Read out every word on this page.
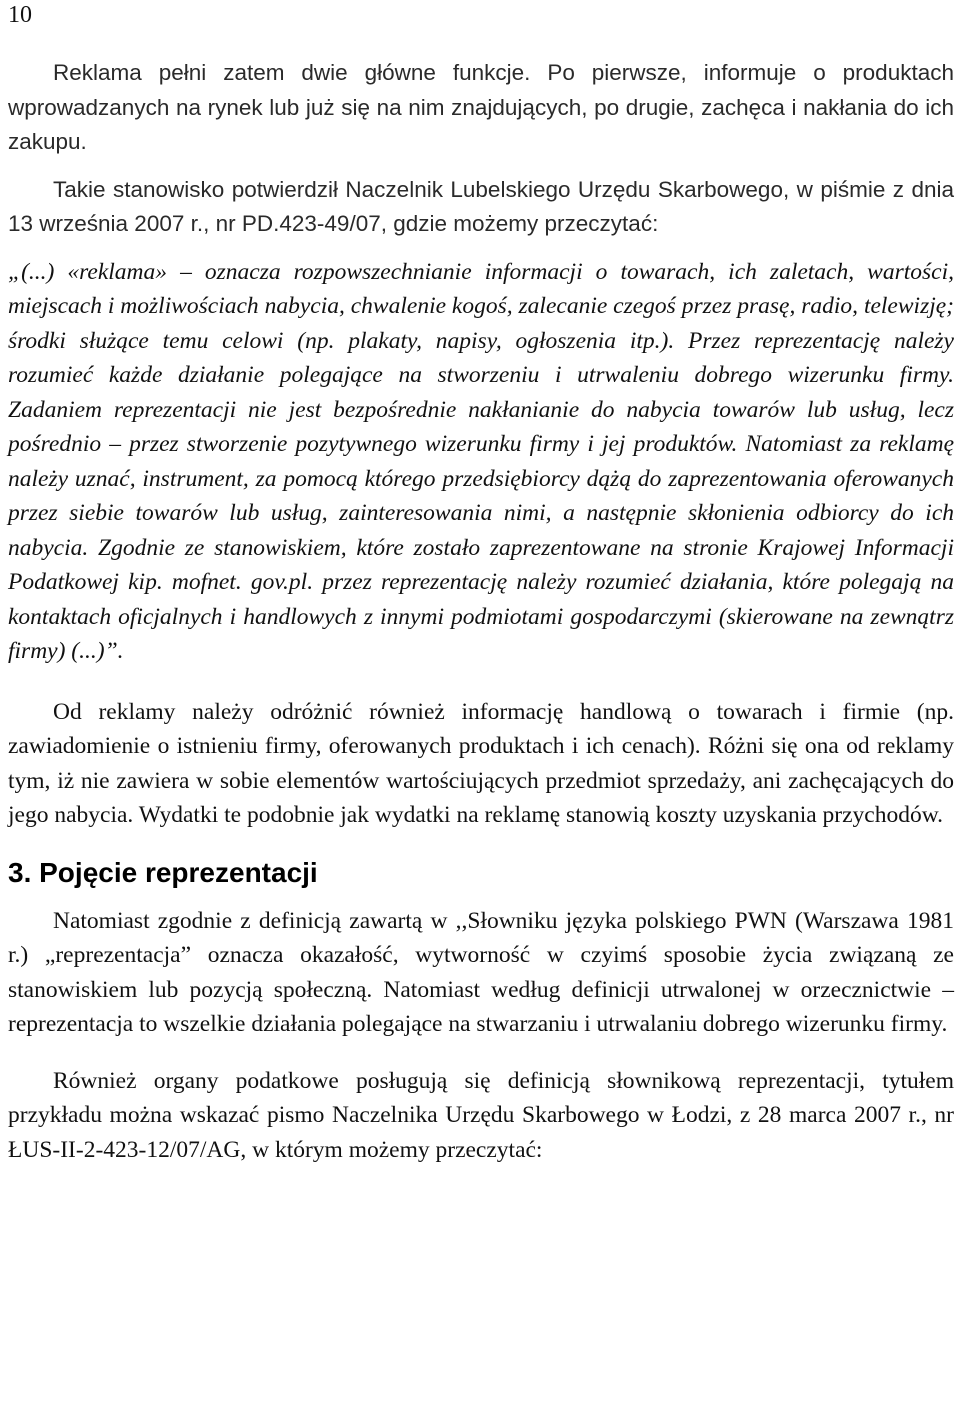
10

Reklama pełni zatem dwie główne funkcje. Po pierwsze, informuje o produktach wprowadzanych na rynek lub już się na nim znajdujących, po drugie, zachęca i nakłania do ich zakupu.

Takie stanowisko potwierdził Naczelnik Lubelskiego Urzędu Skarbowego, w piśmie z dnia 13 września 2007 r., nr PD.423-49/07, gdzie możemy przeczytać:

„(...) «reklama» – oznacza rozpowszechnianie informacji o towarach, ich zaletach, wartości, miejscach i możliwościach nabycia, chwalenie kogoś, zalecanie czegoś przez prasę, radio, telewizję; środki służące temu celowi (np. plakaty, napisy, ogłoszenia itp.). Przez reprezentację należy rozumieć każde działanie polegające na stworzeniu i utrwaleniu dobrego wizerunku firmy. Zadaniem reprezentacji nie jest bezpośrednie nakłanianie do nabycia towarów lub usług, lecz pośrednio – przez stworzenie pozytywnego wizerunku firmy i jej produktów. Natomiast za reklamę należy uznać, instrument, za pomocą którego przedsiębiorcy dążą do zaprezentowania oferowanych przez siebie towarów lub usług, zainteresowania nimi, a następnie skłonienia odbiorcy do ich nabycia. Zgodnie ze stanowiskiem, które zostało zaprezentowane na stronie Krajowej Informacji Podatkowej kip. mofnet. gov.pl. przez reprezentację należy rozumieć działania, które polegają na kontaktach oficjalnych i handlowych z innymi podmiotami gospodarczymi (skierowane na zewnątrz firmy) (...)”.

Od reklamy należy odróżnić również informację handlową o towarach i firmie (np. zawiadomienie o istnieniu firmy, oferowanych produktach i ich cenach). Różni się ona od reklamy tym, iż nie zawiera w sobie elementów wartościujących przedmiot sprzedaży, ani zachęcających do jego nabycia. Wydatki te podobnie jak wydatki na reklamę stanowią koszty uzyskania przychodów.

3. Pojęcie reprezentacji

Natomiast zgodnie z definicją zawartą w ,,Słowniku języka polskiego PWN (Warszawa 1981 r.) „reprezentacja” oznacza okazałość, wytworność w czyimś sposobie życia związaną ze stanowiskiem lub pozycją społeczną. Natomiast według definicji utrwalonej w orzecznictwie – reprezentacja to wszelkie działania polegające na stwarzaniu i utrwalaniu dobrego wizerunku firmy.

Również organy podatkowe posługują się definicją słownikową reprezentacji, tytułem przykładu można wskazać pismo Naczelnika Urzędu Skarbowego w Łodzi, z 28 marca 2007 r., nr ŁUS-II-2-423-12/07/AG, w którym możemy przeczytać:
